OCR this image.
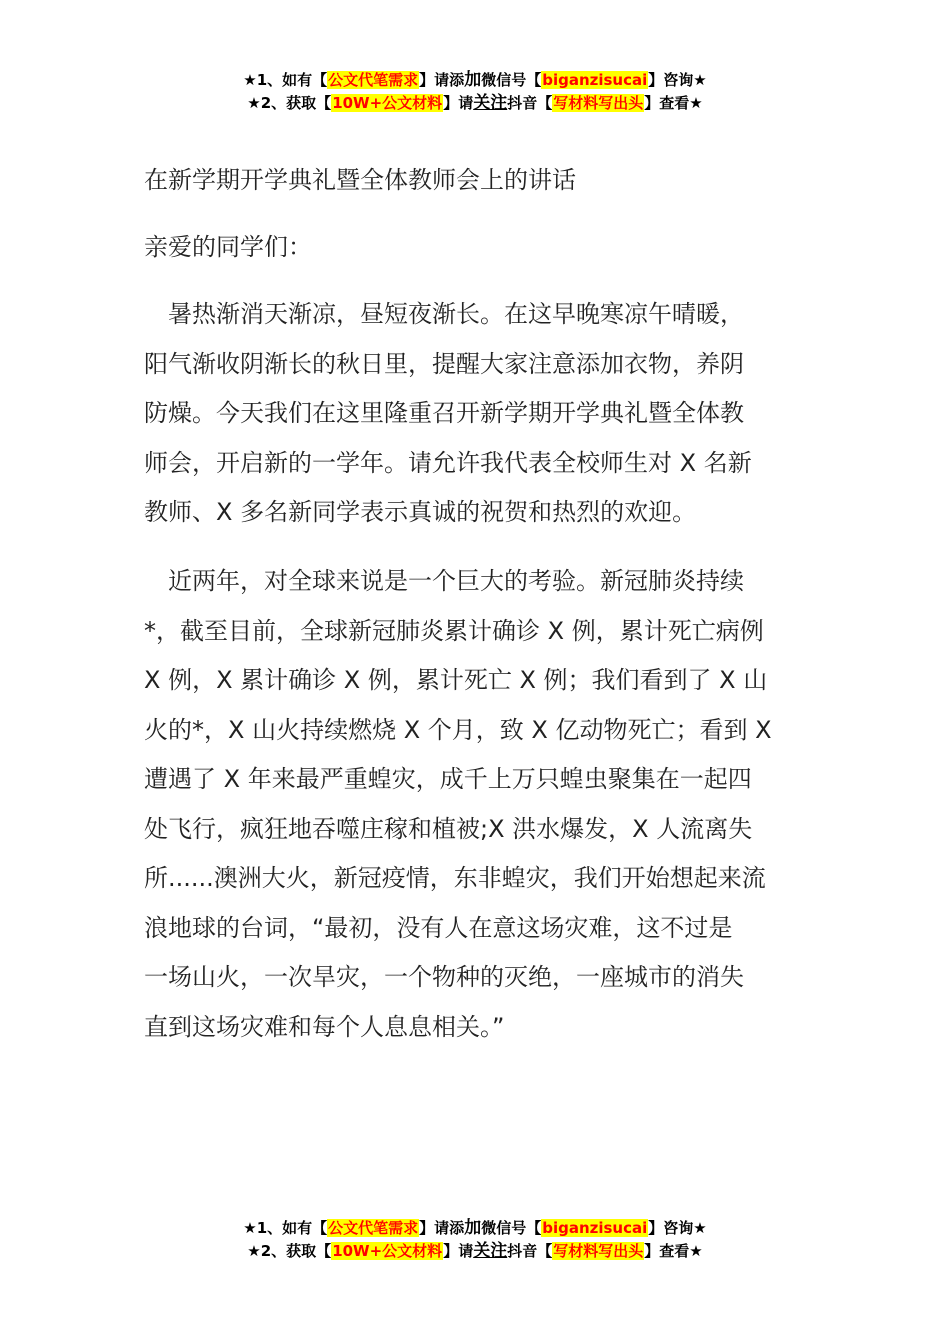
★1、如有【公文代笔需求】请添加微信号【biganzisucai】咨询★
★2、获取【10W+公文材料】请关注抖音【写材料写出头】查看★
在新学期开学典礼暨全体教师会上的讲话
亲爱的同学们：
　暑热渐消天渐凉，昼短夜渐长。在这早晚寒凉午晴暖，
阳气渐收阴渐长的秋日里，提醒大家注意添加衣物，养阴
防燥。今天我们在这里隆重召开新学期开学典礼暨全体教
师会，开启新的一学年。请允许我代表全校师生对 X 名新
教师、X 多名新同学表示真诚的祝贺和热烈的欢迎。
　近两年，对全球来说是一个巨大的考验。新冠肺炎持续
*，截至目前，全球新冠肺炎累计确诊 X 例，累计死亡病例
X 例，X 累计确诊 X 例，累计死亡 X 例；我们看到了 X 山
火的*，X 山火持续燃烧 X 个月，致 X 亿动物死亡；看到 X
遭遇了 X 年来最严重蝗灾，成千上万只蝗虫聚集在一起四
处飞行，疯狂地吞噬庄稼和植被;X 洪水爆发，X 人流离失
所......澳洲大火，新冠疫情，东非蝗灾，我们开始想起来流
浪地球的台词，“最初，没有人在意这场灾难，这不过是
一场山火，一次旱灾，一个物种的灭绝，一座城市的消失
直到这场灾难和每个人息息相关。”
★1、如有【公文代笔需求】请添加微信号【biganzisucai】咨询★
★2、获取【10W+公文材料】请关注抖音【写材料写出头】查看★
